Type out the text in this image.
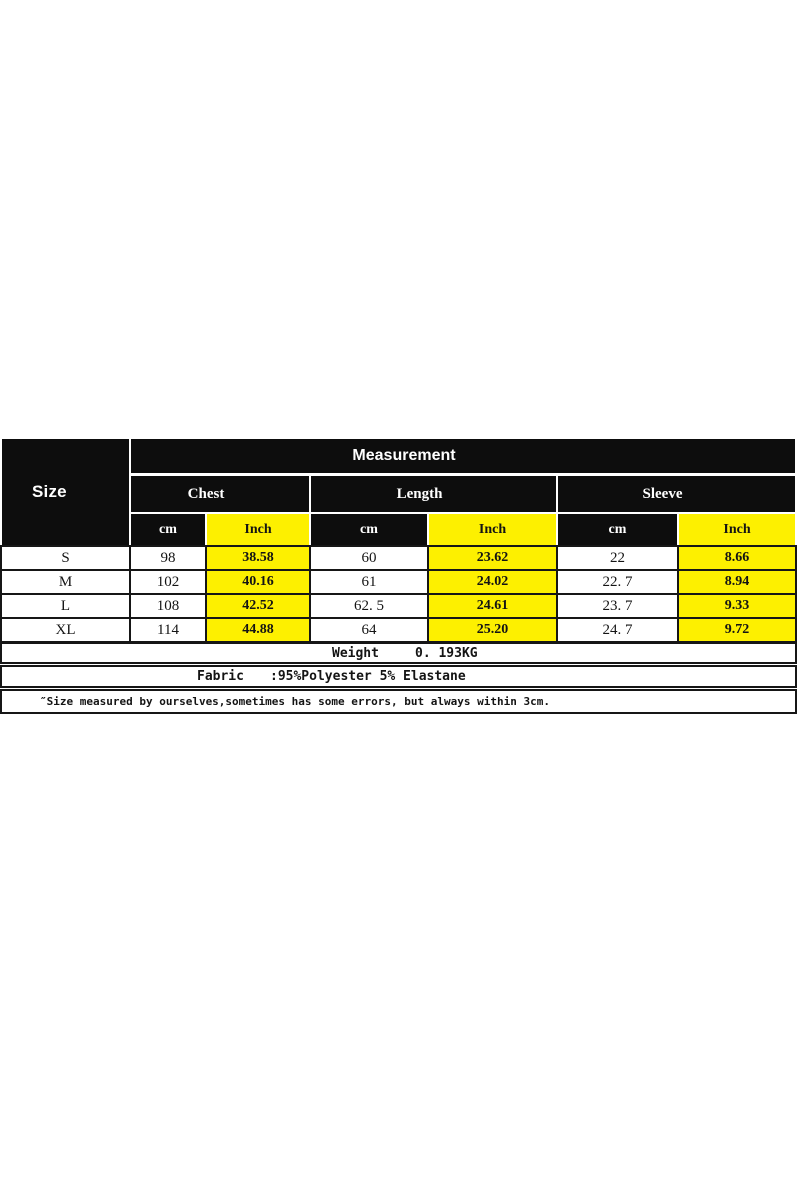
Size
Measurement
Chest	Length	Sleeve
cm	Inch	cm	Inch	cm	Inch
S	98	38.58	60	23.62	22	8.66
M	102	40.16	61	24.02	22. 7	8.94
L	108	42.52	62. 5	24.61	23. 7	9.33
XL	114	44.88	64	25.20	24. 7	9.72
Weight	0. 193KG
Fabric :95%Polyester 5% Elastane
″Size measured by ourselves,sometimes has some errors, but always within 3cm.
